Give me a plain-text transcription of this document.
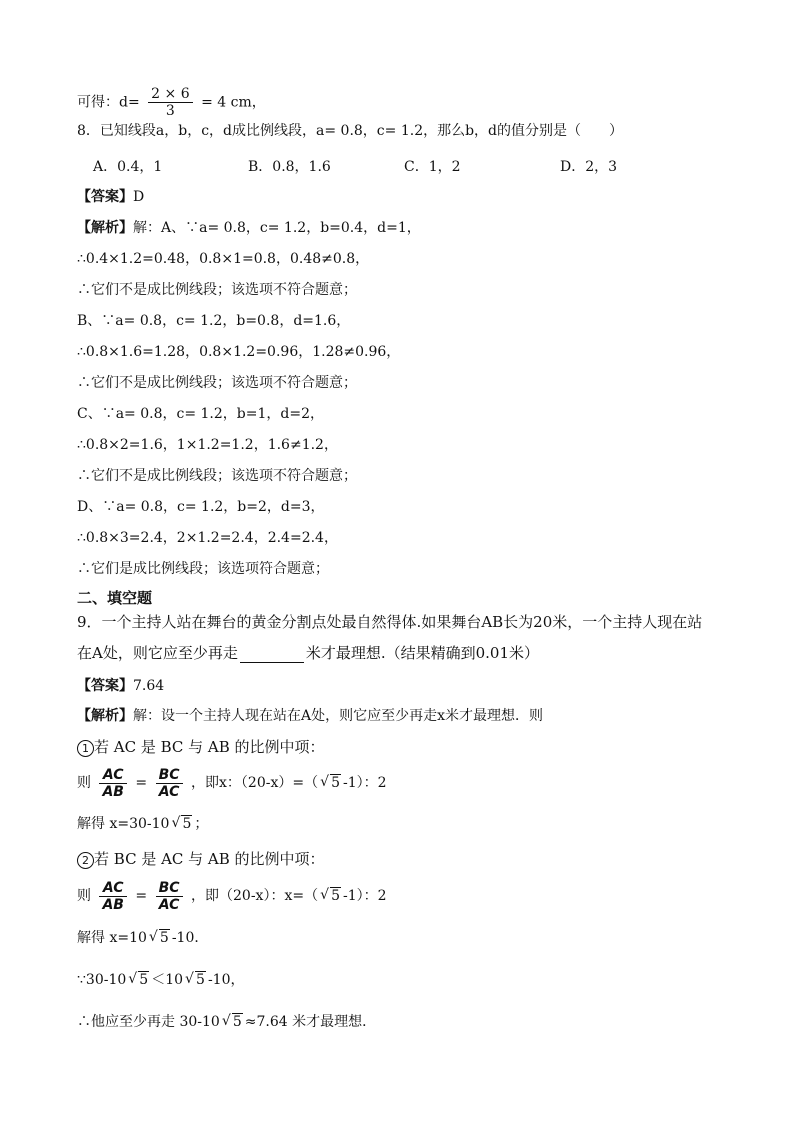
可得：$d= \frac{2 \times 6}{3} = 4$ cm，
8．已知线段a，b，c，d成比例线段，a= 0.8，c= 1.2，那么b，d的值分别是（　　）
A．0.4，1	B．0.8，1.6	C．1，2	D．2，3
【答案】D
【解析】解：A、∵a= 0.8，c= 1.2，b=0.4，d=1，
∴0.4×1.2=0.48，0.8×1=0.8，0.48≠0.8，
∴它们不是成比例线段；该选项不符合题意；
B、∵a= 0.8，c= 1.2，b=0.8，d=1.6，
∴0.8×1.6=1.28，0.8×1.2=0.96，1.28≠0.96，
∴它们不是成比例线段；该选项不符合题意；
C、∵a= 0.8，c= 1.2，b=1，d=2，
∴0.8×2=1.6，1×1.2=1.2，1.6≠1.2，
∴它们不是成比例线段；该选项不符合题意；
D、∵a= 0.8，c= 1.2，b=2，d=3，
∴0.8×3=2.4，2×1.2=2.4，2.4=2.4，
∴它们是成比例线段；该选项符合题意；
二、填空题
9．一个主持人站在舞台的黄金分割点处最自然得体.如果舞台AB长为20米，一个主持人现在站
在A处，则它应至少再走	米才最理想.（结果精确到0.01米）
【答案】7.64
【解析】解：设一个主持人现在站在A处，则它应至少再走x米才最理想．则
1 若 AC 是 BC 与 AB 的比例中项：
则 $\frac{AC}{AB} = \frac{BC}{AC}$ ，即x：（20-x）=（ √ 5 -1）：2
解得 x=30-10 √ 5 ；
2 若 BC 是 AC 与 AB 的比例中项：
则 $\frac{AC}{AB} = \frac{BC}{AC}$ ，即（20-x）：x=（ √ 5 -1）：2
解得 x=10 √ 5 -10．
∵30-10 √ 5 ＜10 √ 5 -10，
∴他应至少再走 30-10 √ 5 ≈7.64 米才最理想．
